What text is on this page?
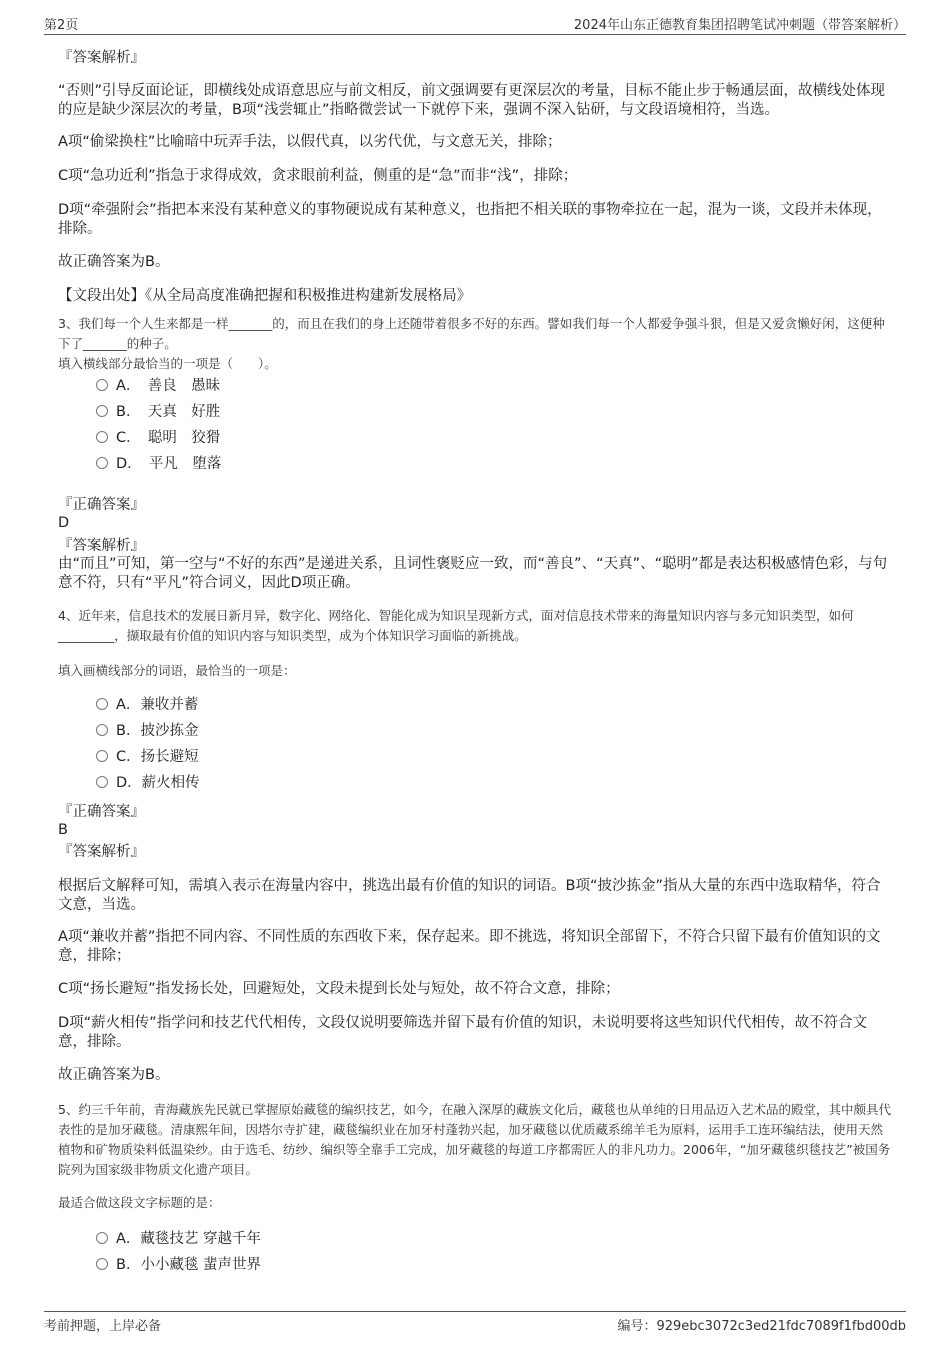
第2页	2024年山东正德教育集团招聘笔试冲刺题（带答案解析）
『答案解析』
“否则”引导反面论证，即横线处成语意思应与前文相反，前文强调要有更深层次的考量，目标不能止步于畅通层面，故横线处体现的应是缺少深层次的考量，B项“浅尝辄止”指略微尝试一下就停下来，强调不深入钻研，与文段语境相符，当选。
A项“偷梁换柱”比喻暗中玩弄手法，以假代真，以劣代优，与文意无关，排除；
C项“急功近利”指急于求得成效，贪求眼前利益，侧重的是“急”而非“浅”，排除；
D项“牵强附会”指把本来没有某种意义的事物硬说成有某种意义，也指把不相关联的事物牵拉在一起，混为一谈，文段并未体现，排除。
故正确答案为B。
【文段出处】《从全局高度准确把握和积极推进构建新发展格局》
3、我们每一个人生来都是一样_______的，而且在我们的身上还随带着很多不好的东西。譬如我们每一个人都爱争强斗狠，但是又爱贪懒好闲，这便种下了_______的种子。
填入横线部分最恰当的一项是（　　）。
A．　善良　愚昧
B．　天真　好胜
C．　聪明　狡猾
D．　平凡　堕落
『正确答案』
D
『答案解析』
由“而且”可知，第一空与“不好的东西”是递进关系，且词性褒贬应一致，而“善良”、“天真”、“聪明”都是表达积极感情色彩，与句意不符，只有“平凡”符合词义，因此D项正确。
4、近年来，信息技术的发展日新月异，数字化、网络化、智能化成为知识呈现新方式，面对信息技术带来的海量知识内容与多元知识类型，如何_________，撷取最有价值的知识内容与知识类型，成为个体知识学习面临的新挑战。
填入画横线部分的词语，最恰当的一项是：
A．兼收并蓄
B．披沙拣金
C．扬长避短
D．薪火相传
『正确答案』
B
『答案解析』
根据后文解释可知，需填入表示在海量内容中，挑选出最有价值的知识的词语。B项“披沙拣金”指从大量的东西中选取精华，符合文意，当选。
A项“兼收并蓄”指把不同内容、不同性质的东西收下来，保存起来。即不挑选，将知识全部留下，不符合只留下最有价值知识的文意，排除；
C项“扬长避短”指发扬长处，回避短处，文段未提到长处与短处，故不符合文意，排除；
D项“薪火相传”指学问和技艺代代相传，文段仅说明要筛选并留下最有价值的知识，未说明要将这些知识代代相传，故不符合文意，排除。
故正确答案为B。
5、约三千年前，青海藏族先民就已掌握原始藏毯的编织技艺，如今，在融入深厚的藏族文化后，藏毯也从单纯的日用品迈入艺术品的殿堂，其中颇具代表性的是加牙藏毯。清康熙年间，因塔尔寺扩建，藏毯编织业在加牙村蓬勃兴起，加牙藏毯以优质藏系绵羊毛为原料，运用手工连环编结法，使用天然植物和矿物质染料低温染纱。由于选毛、纺纱、编织等全靠手工完成，加牙藏毯的每道工序都需匠人的非凡功力。2006年，“加牙藏毯织毯技艺”被国务院列为国家级非物质文化遗产项目。
最适合做这段文字标题的是：
A．藏毯技艺 穿越千年
B．小小藏毯 蜚声世界
考前押题，上岸必备	编号：929ebc3072c3ed21fdc7089f1fbd00db
